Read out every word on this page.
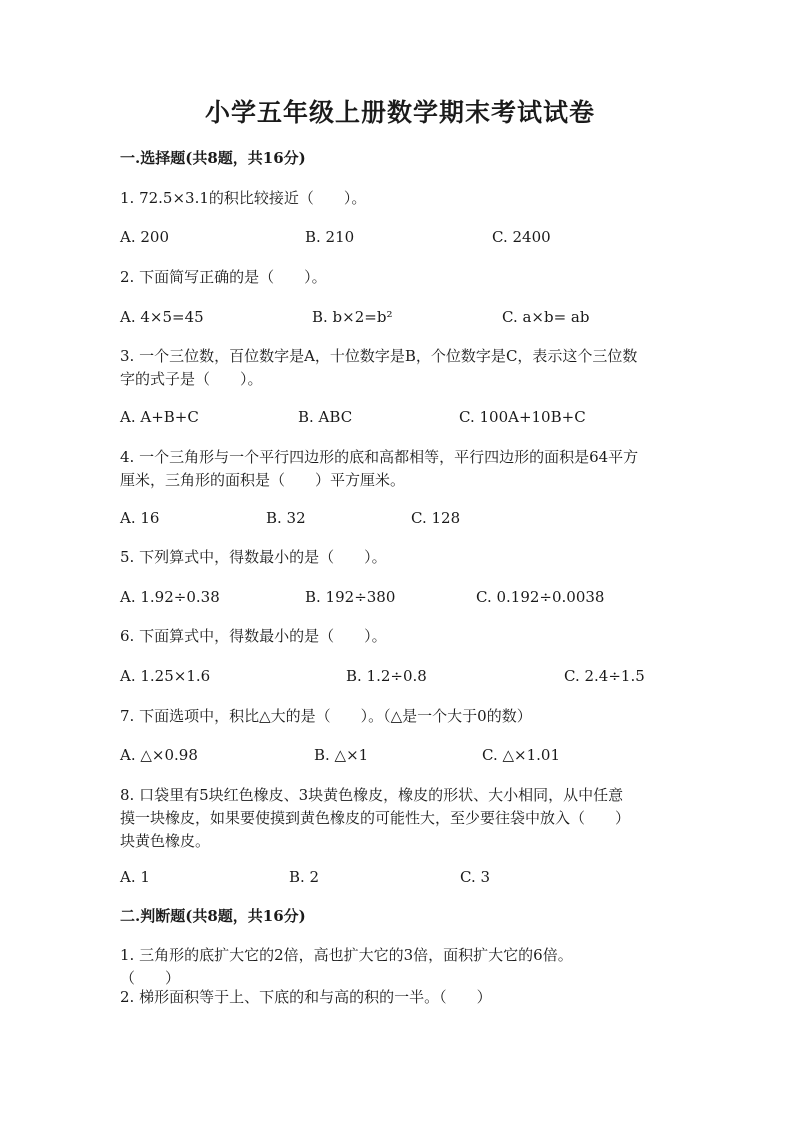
小学五年级上册数学期末考试试卷
一.选择题(共8题，共16分)
1. 72.5×3.1的积比较接近（　　）。
A. 200	B. 210	C. 2400
2. 下面简写正确的是（　　）。
A. 4×5=45	B. b×2=b²	C. a×b= ab
3. 一个三位数，百位数字是A，十位数字是B，个位数字是C，表示这个三位数
字的式子是（　　）。
A. A+B+C	B. ABC	C. 100A+10B+C
4. 一个三角形与一个平行四边形的底和高都相等，平行四边形的面积是64平方
厘米，三角形的面积是（　　）平方厘米。
A. 16	B. 32	C. 128
5. 下列算式中，得数最小的是（　　）。
A. 1.92÷0.38	B. 192÷380	C. 0.192÷0.0038
6. 下面算式中，得数最小的是（　　）。
A. 1.25×1.6	B. 1.2÷0.8	C. 2.4÷1.5
7. 下面选项中，积比△大的是（　　）。（△是一个大于0的数）
A. △×0.98	B. △×1	C. △×1.01
8. 口袋里有5块红色橡皮、3块黄色橡皮，橡皮的形状、大小相同，从中任意
摸一块橡皮，如果要使摸到黄色橡皮的可能性大，至少要往袋中放入（　　）
块黄色橡皮。
A. 1	B. 2	C. 3
二.判断题(共8题，共16分)
1. 三角形的底扩大它的2倍，高也扩大它的3倍，面积扩大它的6倍。
（　　）
2. 梯形面积等于上、下底的和与高的积的一半。（　　）
